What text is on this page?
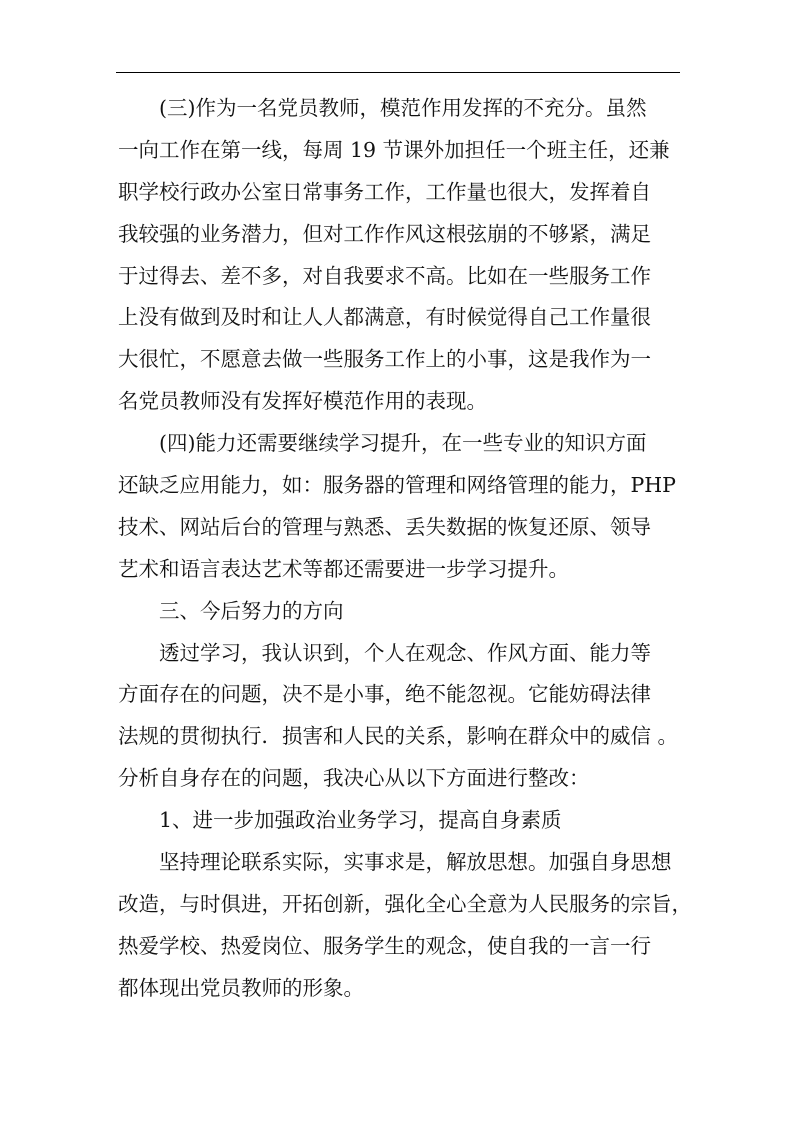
(三)作为一名党员教师，模范作用发挥的不充分。虽然
一向工作在第一线，每周 19 节课外加担任一个班主任，还兼
职学校行政办公室日常事务工作，工作量也很大，发挥着自
我较强的业务潜力，但对工作作风这根弦崩的不够紧，满足
于过得去、差不多，对自我要求不高。比如在一些服务工作
上没有做到及时和让人人都满意，有时候觉得自己工作量很
大很忙，不愿意去做一些服务工作上的小事，这是我作为一
名党员教师没有发挥好模范作用的表现。
(四)能力还需要继续学习提升，在一些专业的知识方面
还缺乏应用能力，如：服务器的管理和网络管理的能力，PHP
技术、网站后台的管理与熟悉、丢失数据的恢复还原、领导
艺术和语言表达艺术等都还需要进一步学习提升。
三、今后努力的方向
透过学习，我认识到，个人在观念、作风方面、能力等
方面存在的问题，决不是小事，绝不能忽视。它能妨碍法律
法规的贯彻执行．损害和人民的关系，影响在群众中的威信 。
分析自身存在的问题，我决心从以下方面进行整改：
1、进一步加强政治业务学习，提高自身素质
坚持理论联系实际，实事求是，解放思想。加强自身思想
改造，与时俱进，开拓创新，强化全心全意为人民服务的宗旨，
热爱学校、热爱岗位、服务学生的观念，使自我的一言一行
都体现出党员教师的形象。
